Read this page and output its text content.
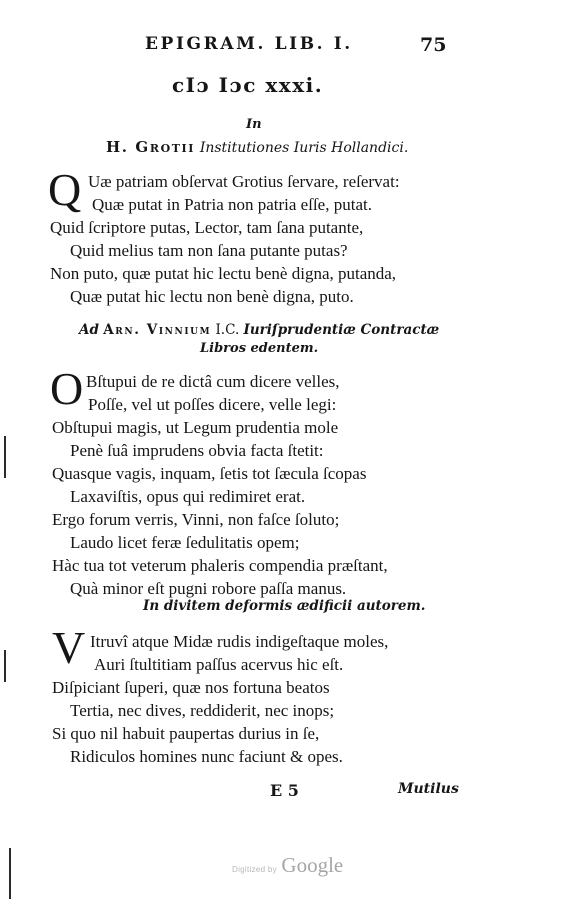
EPIGRAM. LIB. I.	75
cIɔ Iɔc xxxi.
In
H. Grotii Institutiones Iuris Hollandici.
Q Uæ patriam obſervat Grotius ſervare, reſervat:
Quæ putat in Patria non patria eſſe, putat.
Quid ſcriptore putas, Lector, tam ſana putante,
Quid melius tam non ſana putante putas?
Non puto, quæ putat hic lectu benè digna, putanda,
Quæ putat hic lectu non benè digna, puto.
Ad Arn. Vinnium I.C. Iuriſprudentiæ Contractæ
Libros edentem.
O Bſtupui de re dictâ cum dicere velles,
Poſſe, vel ut poſſes dicere, velle legi:
Obſtupui magis, ut Legum prudentia mole
Penè ſuâ imprudens obvia facta ſtetit:
Quasque vagis, inquam, ſetis tot ſæcula ſcopas
Laxaviſtis, opus qui redimiret erat.
Ergo forum verris, Vinni, non faſce ſoluto;
Laudo licet feræ ſedulitatis opem;
Hàc tua tot veterum phaleris compendia præſtant,
Quà minor eſt pugni robore paſſa manus.
In divitem deformis ædificii autorem.
V Itruvî atque Midæ rudis indigeſtaque moles,
Auri ſtultitiam paſſus acervus hic eſt.
Diſpiciant ſuperi, quæ nos fortuna beatos
Tertia, nec dives, reddiderit, nec inops;
Si quo nil habuit paupertas durius in ſe,
Ridiculos homines nunc faciunt & opes.
E 5	Mutilus
Digitized by Google
